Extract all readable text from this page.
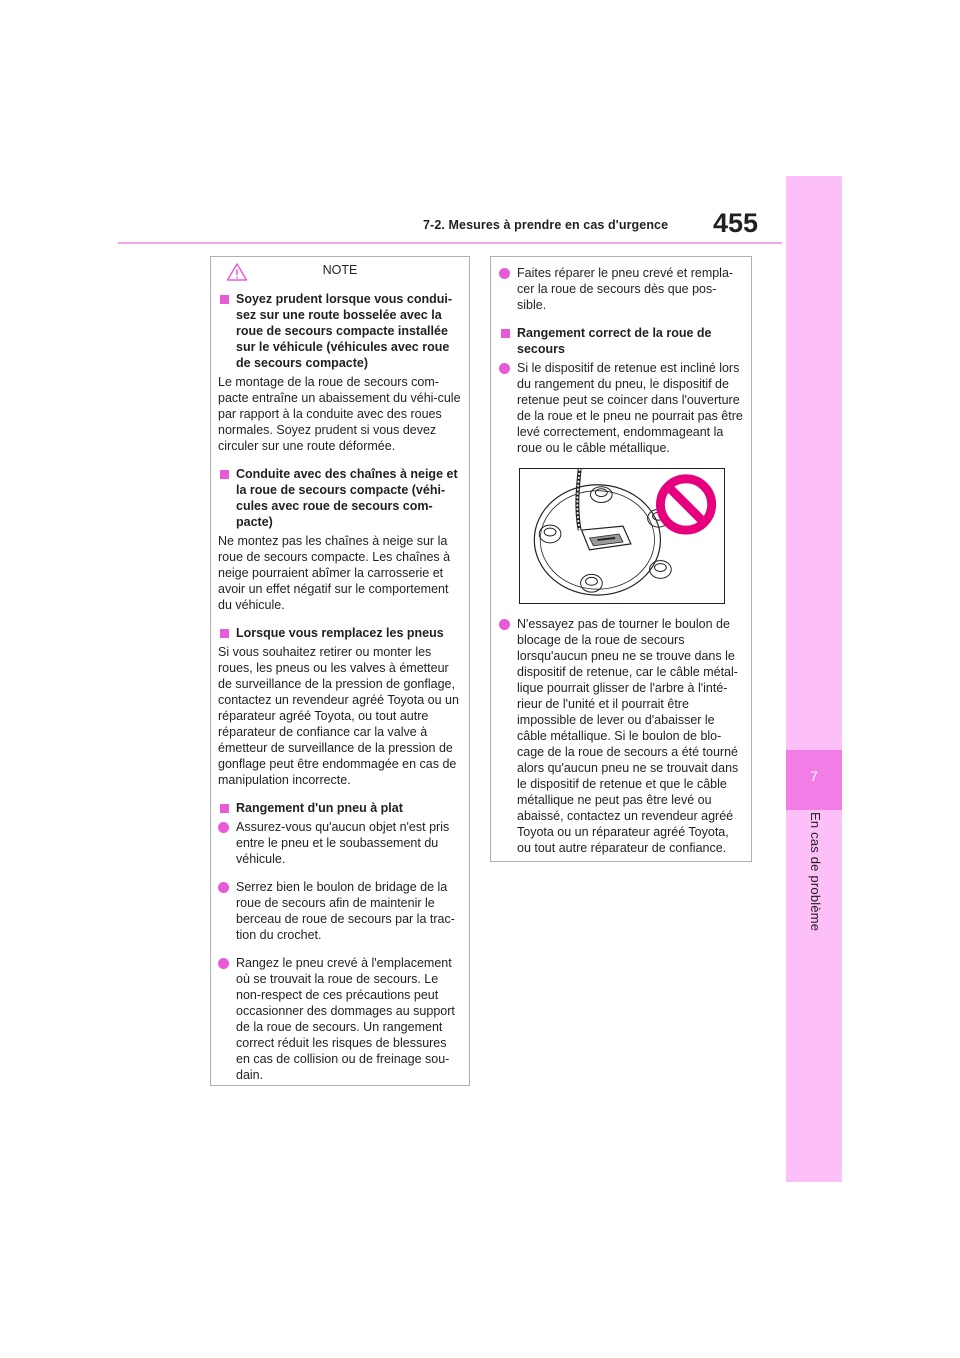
7
En cas de problème
7-2. Mesures à prendre en cas d'urgence 455
Soyez prudent lorsque vous condui-sez sur une route bosselée avec la roue de secours compacte installée sur le véhicule (véhicules avec roue de secours compacte)

Le montage de la roue de secours com-pacte entraîne un abaissement du véhi-cule par rapport à la conduite avec des roues normales. Soyez prudent si vous devez circuler sur une route déformée.

Conduite avec des chaînes à neige et la roue de secours compacte (véhi-cules avec roue de secours com-pacte)

Ne montez pas les chaînes à neige sur la roue de secours compacte. Les chaînes à neige pourraient abîmer la carrosserie et avoir un effet négatif sur le comportement du véhicule.

Lorsque vous remplacez les pneus

Si vous souhaitez retirer ou monter les roues, les pneus ou les valves à émetteur de surveillance de la pression de gonflage, contactez un revendeur agréé Toyota ou un réparateur agréé Toyota, ou tout autre réparateur de confiance car la valve à émetteur de surveillance de la pression de gonflage peut être endommagée en cas de manipulation incorrecte.

Rangement d'un pneu à plat
Assurez-vous qu'aucun objet n'est pris entre le pneu et le soubassement du véhicule.
Serrez bien le boulon de bridage de la roue de secours afin de maintenir le berceau de roue de secours par la trac-tion du crochet.
Rangez le pneu crevé à l'emplacement où se trouvait la roue de secours. Le non-respect de ces précautions peut occasionner des dommages au support de la roue de secours. Un rangement correct réduit les risques de blessures en cas de collision ou de freinage sou-dain.
NOTE	Faites réparer le pneu crevé et rempla-cer la roue de secours dès que pos-sible.
Rangement correct de la roue de secours
Si le dispositif de retenue est incliné lors du rangement du pneu, le dispositif de retenue peut se coincer dans l'ouverture de la roue et le pneu ne pourrait pas être levé correctement, endommageant la roue ou le câble métallique.
N'essayez pas de tourner le boulon de blocage de la roue de secours lorsqu'aucun pneu ne se trouve dans le dispositif de retenue, car le câble métal-lique pourrait glisser de l'arbre à l'inté-rieur de l'unité et il pourrait être impossible de lever ou d'abaisser le câble métallique. Si le boulon de blo-cage de la roue de secours a été tourné alors qu'aucun pneu ne se trouvait dans le dispositif de retenue et que le câble métallique ne peut pas être levé ou abaissé, contactez un revendeur agréé Toyota ou un réparateur agréé Toyota, ou tout autre réparateur de confiance.
